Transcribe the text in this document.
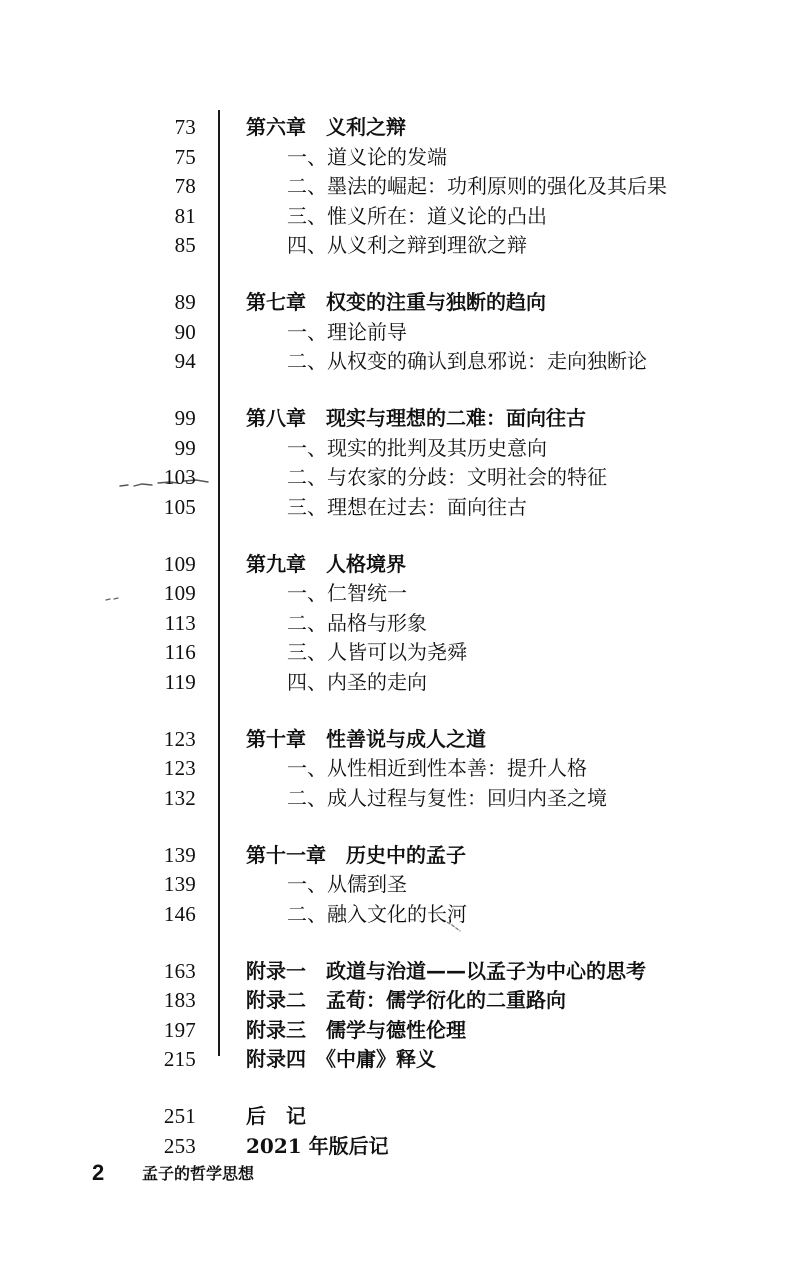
73	第六章　义利之辩
75	一、道义论的发端
78	二、墨法的崛起：功利原则的强化及其后果
81	三、惟义所在：道义论的凸出
85	四、从义利之辩到理欲之辩
89	第七章　权变的注重与独断的趋向
90	一、理论前导
94	二、从权变的确认到息邪说：走向独断论
99	第八章　现实与理想的二难：面向往古
99	一、现实的批判及其历史意向
103	二、与农家的分歧：文明社会的特征
105	三、理想在过去：面向往古
109	第九章　人格境界
109	一、仁智统一
113	二、品格与形象
116	三、人皆可以为尧舜
119	四、内圣的走向
123	第十章　性善说与成人之道
123	一、从性相近到性本善：提升人格
132	二、成人过程与复性：回归内圣之境
139	第十一章　历史中的孟子
139	一、从儒到圣
146	二、融入文化的长河
163	附录一　政道与治道——以孟子为中心的思考
183	附录二　孟荀：儒学衍化的二重路向
197	附录三　儒学与德性伦理
215	附录四　《中庸》释义
251	后　记
253	2021 年版后记
2 孟子的哲学思想
